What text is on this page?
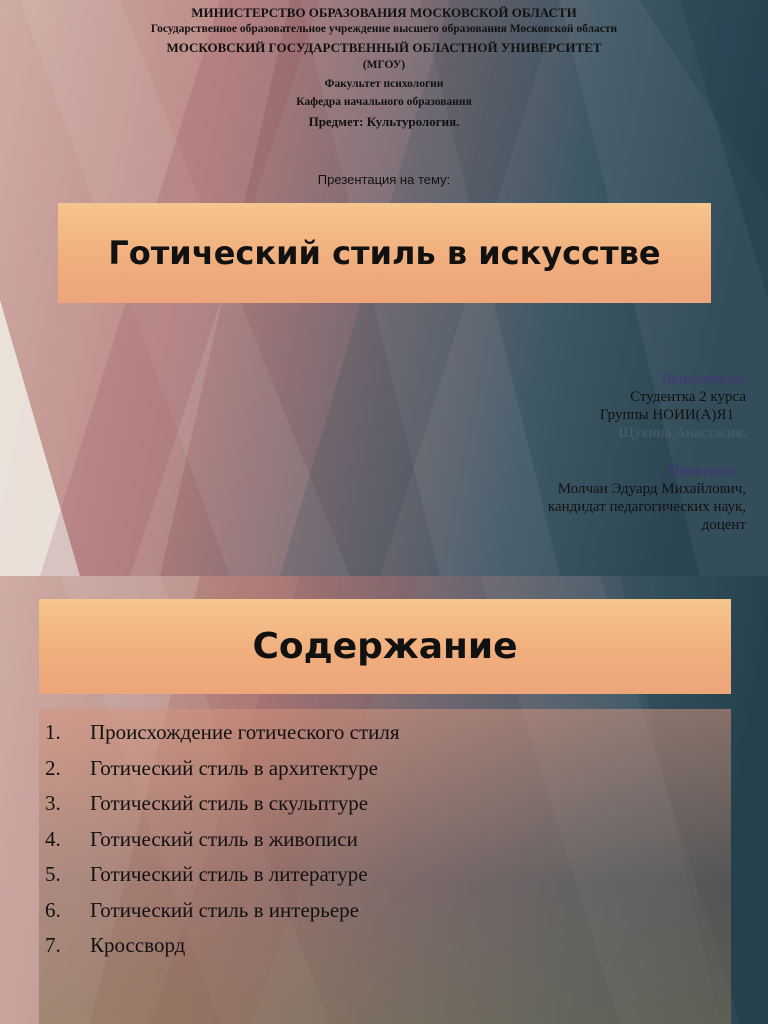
МИНИСТЕРСТВО ОБРАЗОВАНИЯ МОСКОВСКОЙ ОБЛАСТИ
Государственное образовательное учреждение высшего образования Московской области
МОСКОВСКИЙ ГОСУДАРСТВЕННЫЙ ОБЛАСТНОЙ УНИВЕРСИТЕТ
(МГОУ)
Факультет психологии
Кафедра начального образования
Предмет: Культурология.
Презентация на тему:
Готический стиль в искусстве
Выполнила:
Студентка 2 курса
Группы НОИИ(А)Я1
Щукина Анастасия.
Проверил:
Молчан Эдуард Михайлович,
кандидат педагогических наук,
доцент
Содержание
1.	Происхождение готического стиля
2.	Готический стиль в архитектуре
3.	Готический стиль в скульптуре
4.	Готический стиль в живописи
5.	Готический стиль в литературе
6.	Готический стиль в интерьере
7.	Кроссворд
